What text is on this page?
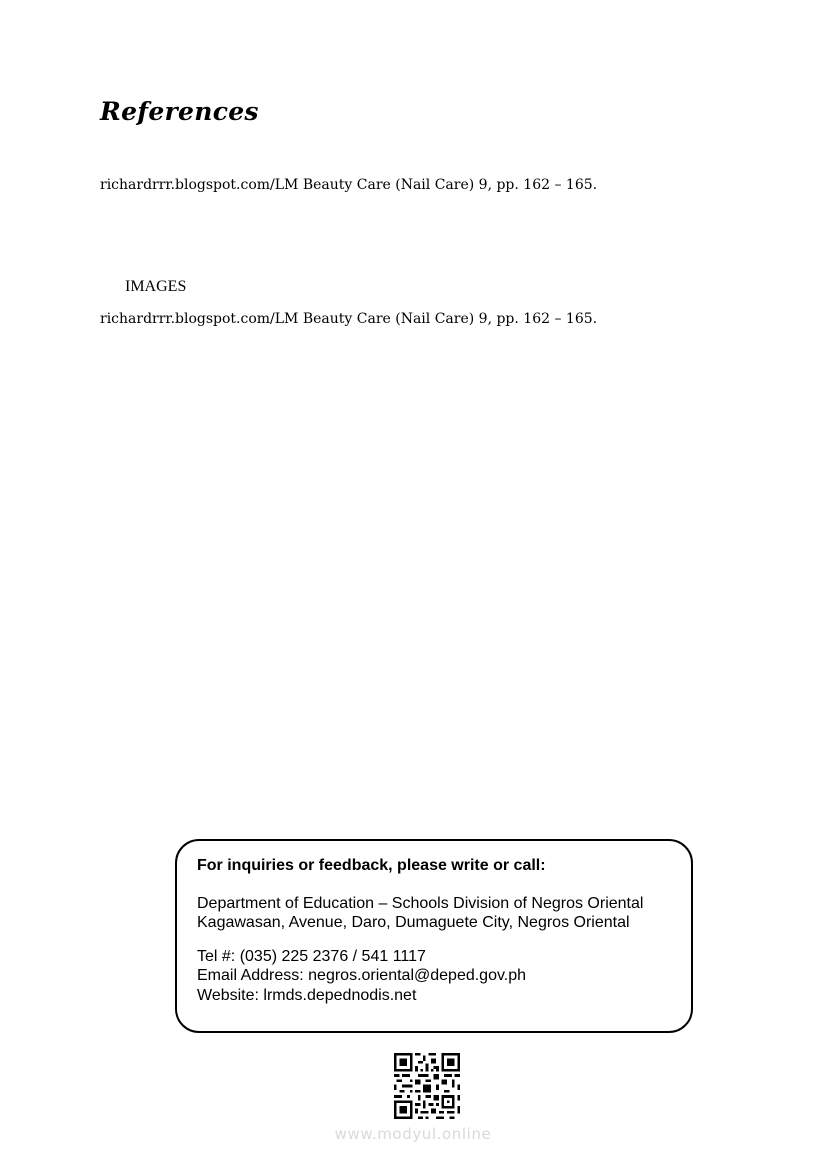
References

richardrrr.blogspot.com/LM Beauty Care (Nail Care) 9, pp. 162 – 165.

IMAGES

richardrrr.blogspot.com/LM Beauty Care (Nail Care) 9, pp. 162 – 165.

For inquiries or feedback, please write or call:

Department of Education – Schools Division of Negros Oriental
Kagawasan, Avenue, Daro, Dumaguete City, Negros Oriental
Tel #: (035) 225 2376 / 541 1117
Email Address: negros.oriental@deped.gov.ph
Website: lrmds.depednodis.net
www.modyul.online
